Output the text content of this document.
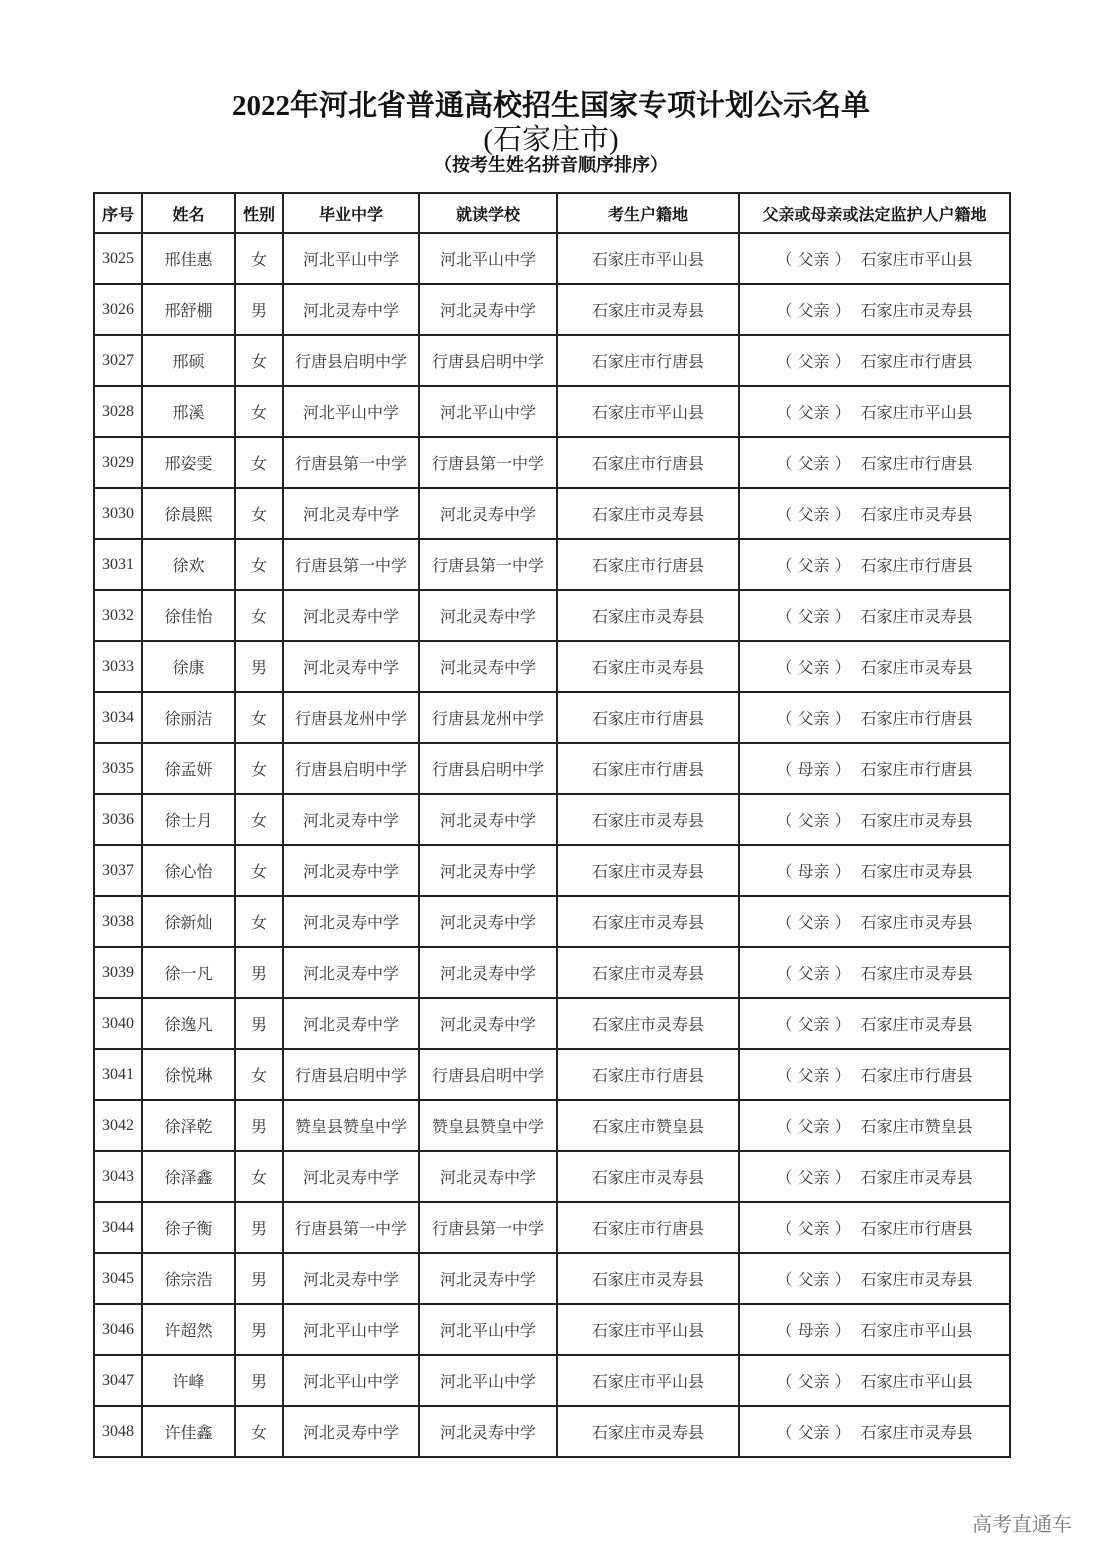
2022年河北省普通高校招生国家专项计划公示名单
(石家庄市)
（按考生姓名拼音顺序排序）
序号	姓名	性别	毕业中学	就读学校	考生户籍地	父亲或母亲或法定监护人户籍地
3025	邢佳惠	女	河北平山中学	河北平山中学	石家庄市平山县	（ 父亲 ） 石家庄市平山县
3026	邢舒棚	男	河北灵寿中学	河北灵寿中学	石家庄市灵寿县	（ 父亲 ） 石家庄市灵寿县
3027	邢硕	女	行唐县启明中学	行唐县启明中学	石家庄市行唐县	（ 父亲 ） 石家庄市行唐县
3028	邢溪	女	河北平山中学	河北平山中学	石家庄市平山县	（ 父亲 ） 石家庄市平山县
3029	邢姿雯	女	行唐县第一中学	行唐县第一中学	石家庄市行唐县	（ 父亲 ） 石家庄市行唐县
3030	徐晨熙	女	河北灵寿中学	河北灵寿中学	石家庄市灵寿县	（ 父亲 ） 石家庄市灵寿县
3031	徐欢	女	行唐县第一中学	行唐县第一中学	石家庄市行唐县	（ 父亲 ） 石家庄市行唐县
3032	徐佳怡	女	河北灵寿中学	河北灵寿中学	石家庄市灵寿县	（ 父亲 ） 石家庄市灵寿县
3033	徐康	男	河北灵寿中学	河北灵寿中学	石家庄市灵寿县	（ 父亲 ） 石家庄市灵寿县
3034	徐丽洁	女	行唐县龙州中学	行唐县龙州中学	石家庄市行唐县	（ 父亲 ） 石家庄市行唐县
3035	徐孟妍	女	行唐县启明中学	行唐县启明中学	石家庄市行唐县	（ 母亲 ） 石家庄市行唐县
3036	徐士月	女	河北灵寿中学	河北灵寿中学	石家庄市灵寿县	（ 父亲 ） 石家庄市灵寿县
3037	徐心怡	女	河北灵寿中学	河北灵寿中学	石家庄市灵寿县	（ 母亲 ） 石家庄市灵寿县
3038	徐新灿	女	河北灵寿中学	河北灵寿中学	石家庄市灵寿县	（ 父亲 ） 石家庄市灵寿县
3039	徐一凡	男	河北灵寿中学	河北灵寿中学	石家庄市灵寿县	（ 父亲 ） 石家庄市灵寿县
3040	徐逸凡	男	河北灵寿中学	河北灵寿中学	石家庄市灵寿县	（ 父亲 ） 石家庄市灵寿县
3041	徐悦琳	女	行唐县启明中学	行唐县启明中学	石家庄市行唐县	（ 父亲 ） 石家庄市行唐县
3042	徐泽乾	男	赞皇县赞皇中学	赞皇县赞皇中学	石家庄市赞皇县	（ 父亲 ） 石家庄市赞皇县
3043	徐泽鑫	女	河北灵寿中学	河北灵寿中学	石家庄市灵寿县	（ 父亲 ） 石家庄市灵寿县
3044	徐子衡	男	行唐县第一中学	行唐县第一中学	石家庄市行唐县	（ 父亲 ） 石家庄市行唐县
3045	徐宗浩	男	河北灵寿中学	河北灵寿中学	石家庄市灵寿县	（ 父亲 ） 石家庄市灵寿县
3046	许超然	男	河北平山中学	河北平山中学	石家庄市平山县	（ 母亲 ） 石家庄市平山县
3047	许峰	男	河北平山中学	河北平山中学	石家庄市平山县	（ 父亲 ） 石家庄市平山县
3048	许佳鑫	女	河北灵寿中学	河北灵寿中学	石家庄市灵寿县	（ 父亲 ） 石家庄市灵寿县
高考直通车
